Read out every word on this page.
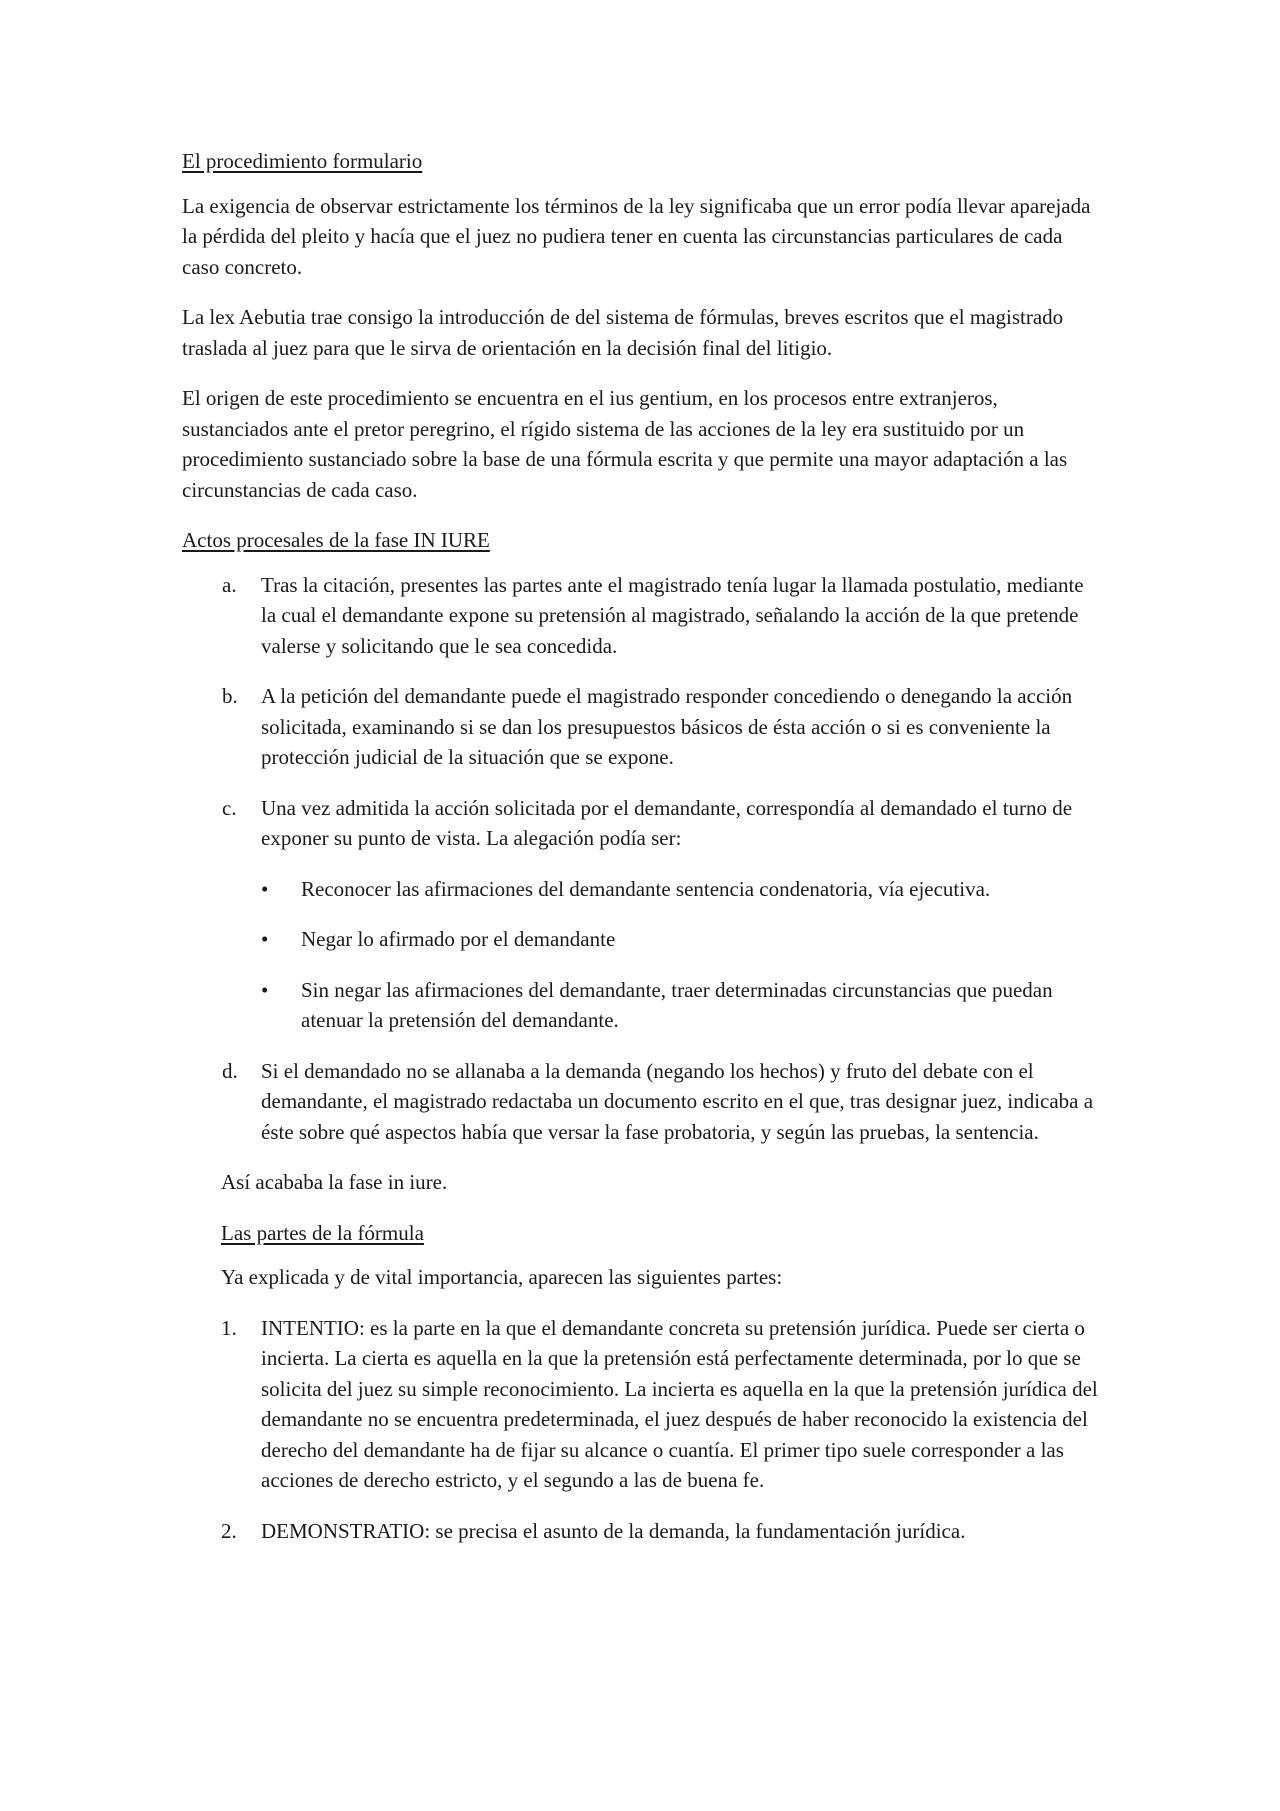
El procedimiento formulario

La exigencia de observar estrictamente los términos de la ley significaba que un error podía llevar aparejada la pérdida del pleito y hacía que el juez no pudiera tener en cuenta las circunstancias particulares de cada caso concreto.

La lex Aebutia trae consigo la introducción de del sistema de fórmulas, breves escritos que el magistrado traslada al juez para que le sirva de orientación en la decisión final del litigio.

El origen de este procedimiento se encuentra en el ius gentium, en los procesos entre extranjeros, sustanciados ante el pretor peregrino, el rígido sistema de las acciones de la ley era sustituido por un procedimiento sustanciado sobre la base de una fórmula escrita y que permite una mayor adaptación a las circunstancias de cada caso.

Actos procesales de la fase IN IURE
a. Tras la citación, presentes las partes ante el magistrado tenía lugar la llamada postulatio, mediante la cual el demandante expone su pretensión al magistrado, señalando la acción de la que pretende valerse y solicitando que le sea concedida.
b. A la petición del demandante puede el magistrado responder concediendo o denegando la acción solicitada, examinando si se dan los presupuestos básicos de ésta acción o si es conveniente la protección judicial de la situación que se expone.
c. Una vez admitida la acción solicitada por el demandante, correspondía al demandado el turno de exponer su punto de vista. La alegación podía ser:
• Reconocer las afirmaciones del demandante sentencia condenatoria, vía ejecutiva.
• Negar lo afirmado por el demandante
• Sin negar las afirmaciones del demandante, traer determinadas circunstancias que puedan atenuar la pretensión del demandante.
d. Si el demandado no se allanaba a la demanda (negando los hechos) y fruto del debate con el demandante, el magistrado redactaba un documento escrito en el que, tras designar juez, indicaba a éste sobre qué aspectos había que versar la fase probatoria, y según las pruebas, la sentencia.

Así acababa la fase in iure.

Las partes de la fórmula

Ya explicada y de vital importancia, aparecen las siguientes partes:

1. INTENTIO: es la parte en la que el demandante concreta su pretensión jurídica. Puede ser cierta o incierta. La cierta es aquella en la que la pretensión está perfectamente determinada, por lo que se solicita del juez su simple reconocimiento. La incierta es aquella en la que la pretensión jurídica del demandante no se encuentra predeterminada, el juez después de haber reconocido la existencia del derecho del demandante ha de fijar su alcance o cuantía. El primer tipo suele corresponder a las acciones de derecho estricto, y el segundo a las de buena fe.
2. DEMONSTRATIO: se precisa el asunto de la demanda, la fundamentación jurídica.
